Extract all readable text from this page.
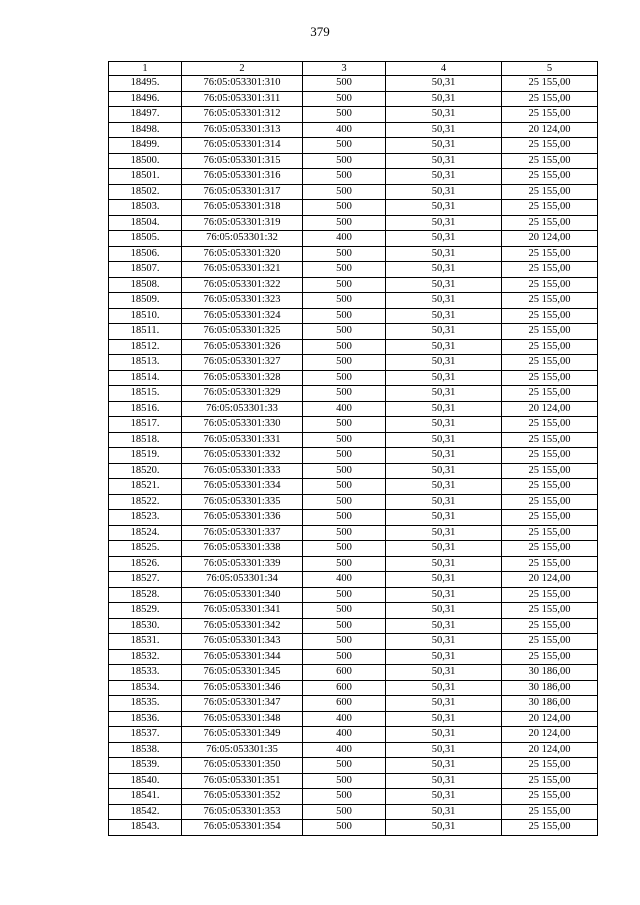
379
1	2	3	4	5
18495.	76:05:053301:310	500	50,31	25 155,00
18496.	76:05:053301:311	500	50,31	25 155,00
18497.	76:05:053301:312	500	50,31	25 155,00
18498.	76:05:053301:313	400	50,31	20 124,00
18499.	76:05:053301:314	500	50,31	25 155,00
18500.	76:05:053301:315	500	50,31	25 155,00
18501.	76:05:053301:316	500	50,31	25 155,00
18502.	76:05:053301:317	500	50,31	25 155,00
18503.	76:05:053301:318	500	50,31	25 155,00
18504.	76:05:053301:319	500	50,31	25 155,00
18505.	76:05:053301:32	400	50,31	20 124,00
18506.	76:05:053301:320	500	50,31	25 155,00
18507.	76:05:053301:321	500	50,31	25 155,00
18508.	76:05:053301:322	500	50,31	25 155,00
18509.	76:05:053301:323	500	50,31	25 155,00
18510.	76:05:053301:324	500	50,31	25 155,00
18511.	76:05:053301:325	500	50,31	25 155,00
18512.	76:05:053301:326	500	50,31	25 155,00
18513.	76:05:053301:327	500	50,31	25 155,00
18514.	76:05:053301:328	500	50,31	25 155,00
18515.	76:05:053301:329	500	50,31	25 155,00
18516.	76:05:053301:33	400	50,31	20 124,00
18517.	76:05:053301:330	500	50,31	25 155,00
18518.	76:05:053301:331	500	50,31	25 155,00
18519.	76:05:053301:332	500	50,31	25 155,00
18520.	76:05:053301:333	500	50,31	25 155,00
18521.	76:05:053301:334	500	50,31	25 155,00
18522.	76:05:053301:335	500	50,31	25 155,00
18523.	76:05:053301:336	500	50,31	25 155,00
18524.	76:05:053301:337	500	50,31	25 155,00
18525.	76:05:053301:338	500	50,31	25 155,00
18526.	76:05:053301:339	500	50,31	25 155,00
18527.	76:05:053301:34	400	50,31	20 124,00
18528.	76:05:053301:340	500	50,31	25 155,00
18529.	76:05:053301:341	500	50,31	25 155,00
18530.	76:05:053301:342	500	50,31	25 155,00
18531.	76:05:053301:343	500	50,31	25 155,00
18532.	76:05:053301:344	500	50,31	25 155,00
18533.	76:05:053301:345	600	50,31	30 186,00
18534.	76:05:053301:346	600	50,31	30 186,00
18535.	76:05:053301:347	600	50,31	30 186,00
18536.	76:05:053301:348	400	50,31	20 124,00
18537.	76:05:053301:349	400	50,31	20 124,00
18538.	76:05:053301:35	400	50,31	20 124,00
18539.	76:05:053301:350	500	50,31	25 155,00
18540.	76:05:053301:351	500	50,31	25 155,00
18541.	76:05:053301:352	500	50,31	25 155,00
18542.	76:05:053301:353	500	50,31	25 155,00
18543.	76:05:053301:354	500	50,31	25 155,00
